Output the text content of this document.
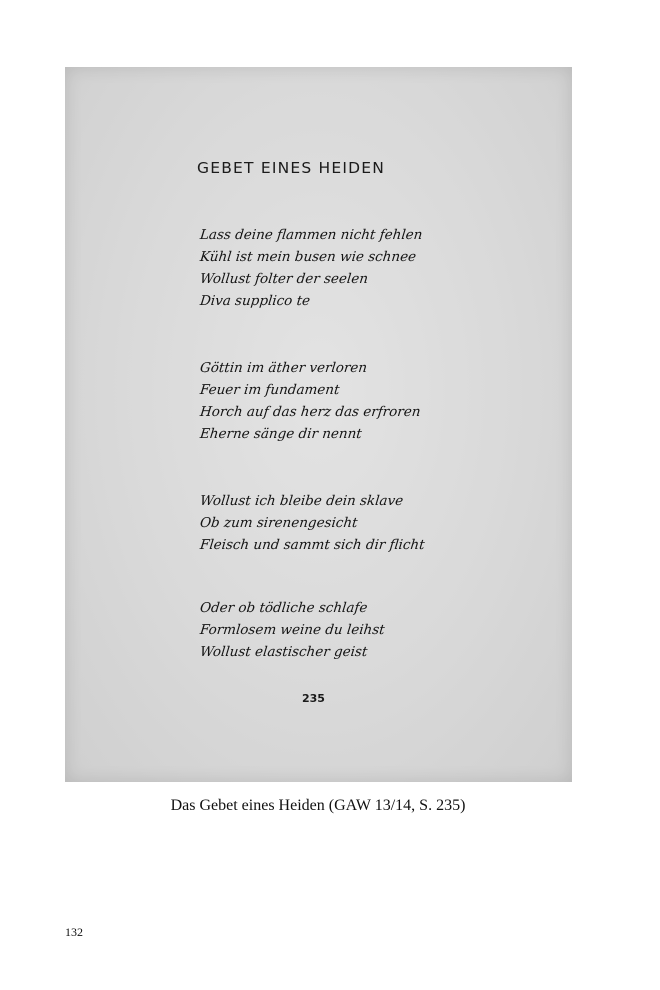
GEBET EINES HEIDEN
Lass deine flammen nicht fehlen
Kühl ist mein busen wie schnee
Wollust folter der seelen
Diva supplico te
Göttin im äther verloren
Feuer im fundament
Horch auf das herz das erfroren
Eherne sänge dir nennt
Wollust ich bleibe dein sklave
Ob zum sirenengesicht
Fleisch und sammt sich dir flicht
Oder ob tödliche schlafe
Formlosem weine du leihst
Wollust elastischer geist
235
Das Gebet eines Heiden (GAW 13/14, S. 235)
132
